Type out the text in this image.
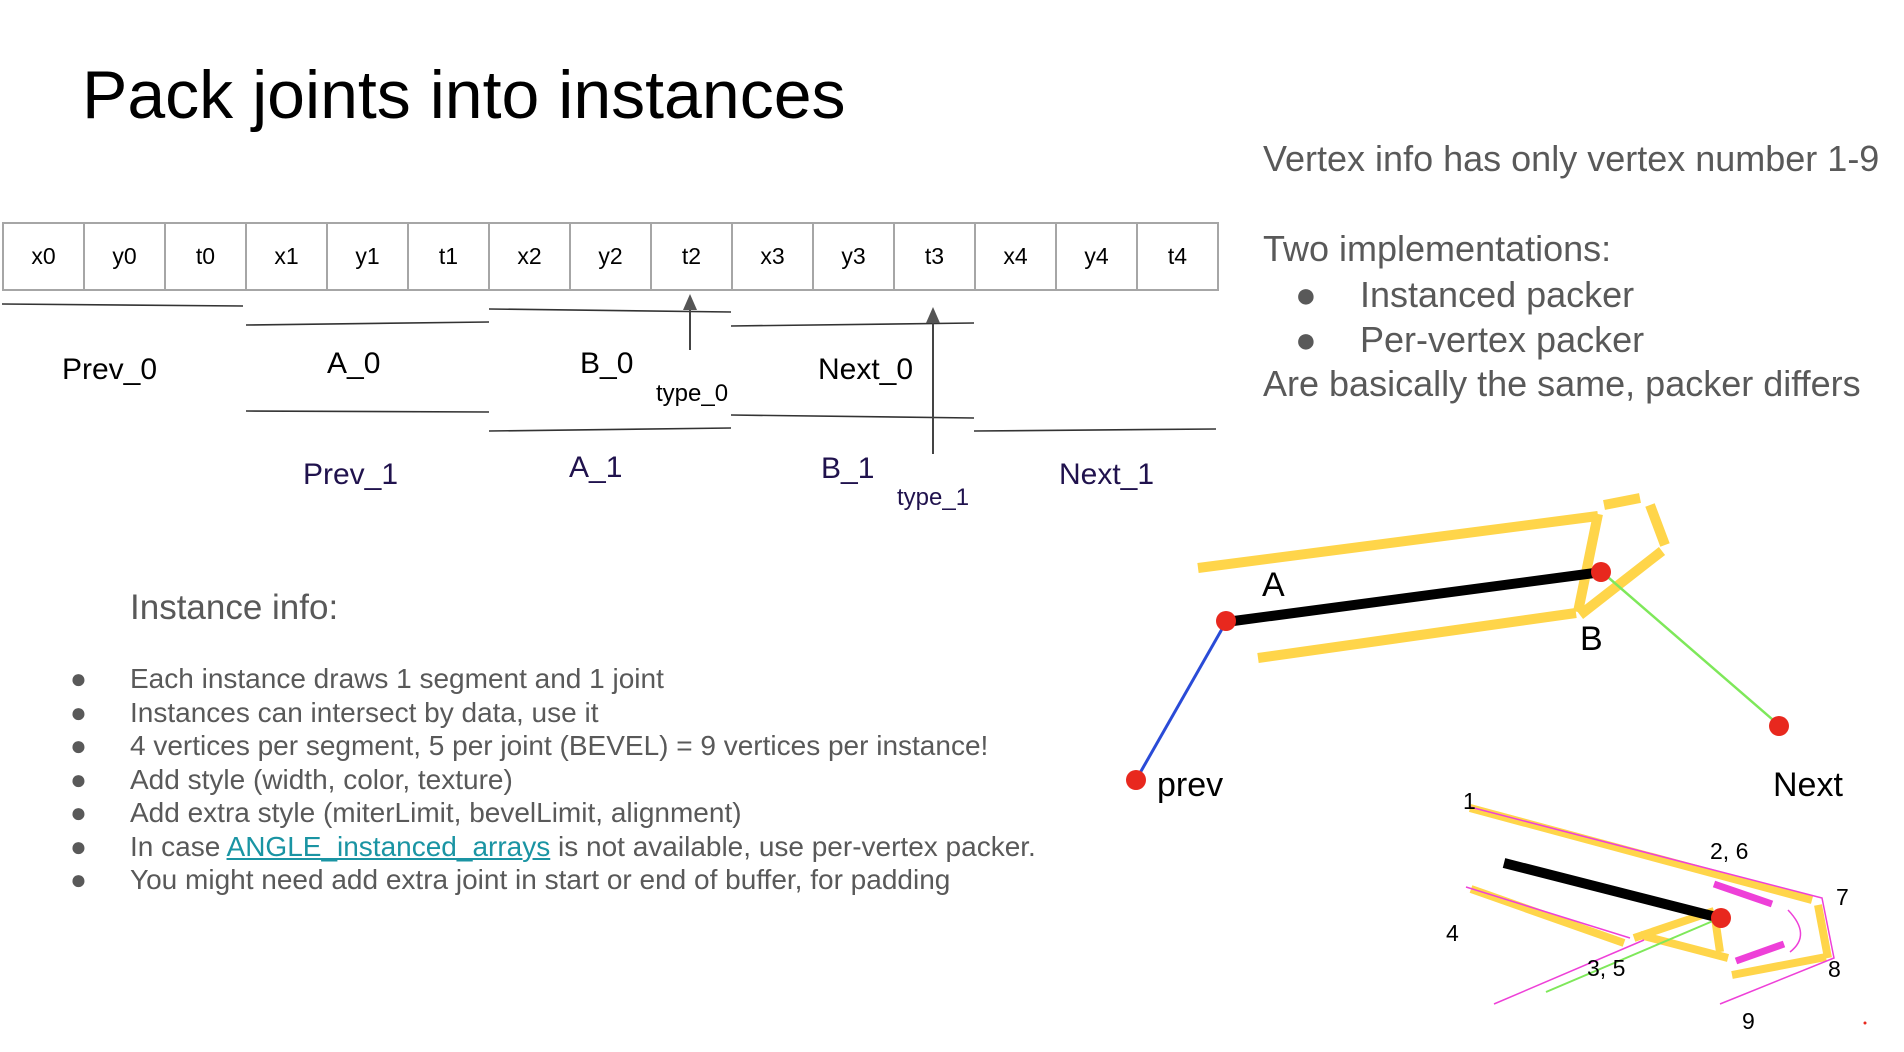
Pack joints into instances
x0	y0	t0	x1	y1	t1	x2	y2	t2	x3	y3	t3	x4	y4	t4
Prev_0	A_0	B_0	Next_0
type_0
Prev_1	A_1	B_1	Next_1
type_1
Vertex info has only vertex number 1-9
Two implementations:
● Instanced packer
● Per-vertex packer
Are basically the same, packer differs
Instance info:
● Each instance draws 1 segment and 1 joint
● Instances can intersect by data, use it
● 4 vertices per segment, 5 per joint (BEVEL) = 9 vertices per instance!
● Add style (width, color, texture)
● Add extra style (miterLimit, bevelLimit, alignment)
● In case ANGLE_instanced_arrays is not available, use per-vertex packer.
● You might need add extra joint in start or end of buffer, for padding
A
B
prev	Next
1
2, 6
7
4
3, 5	8
9
